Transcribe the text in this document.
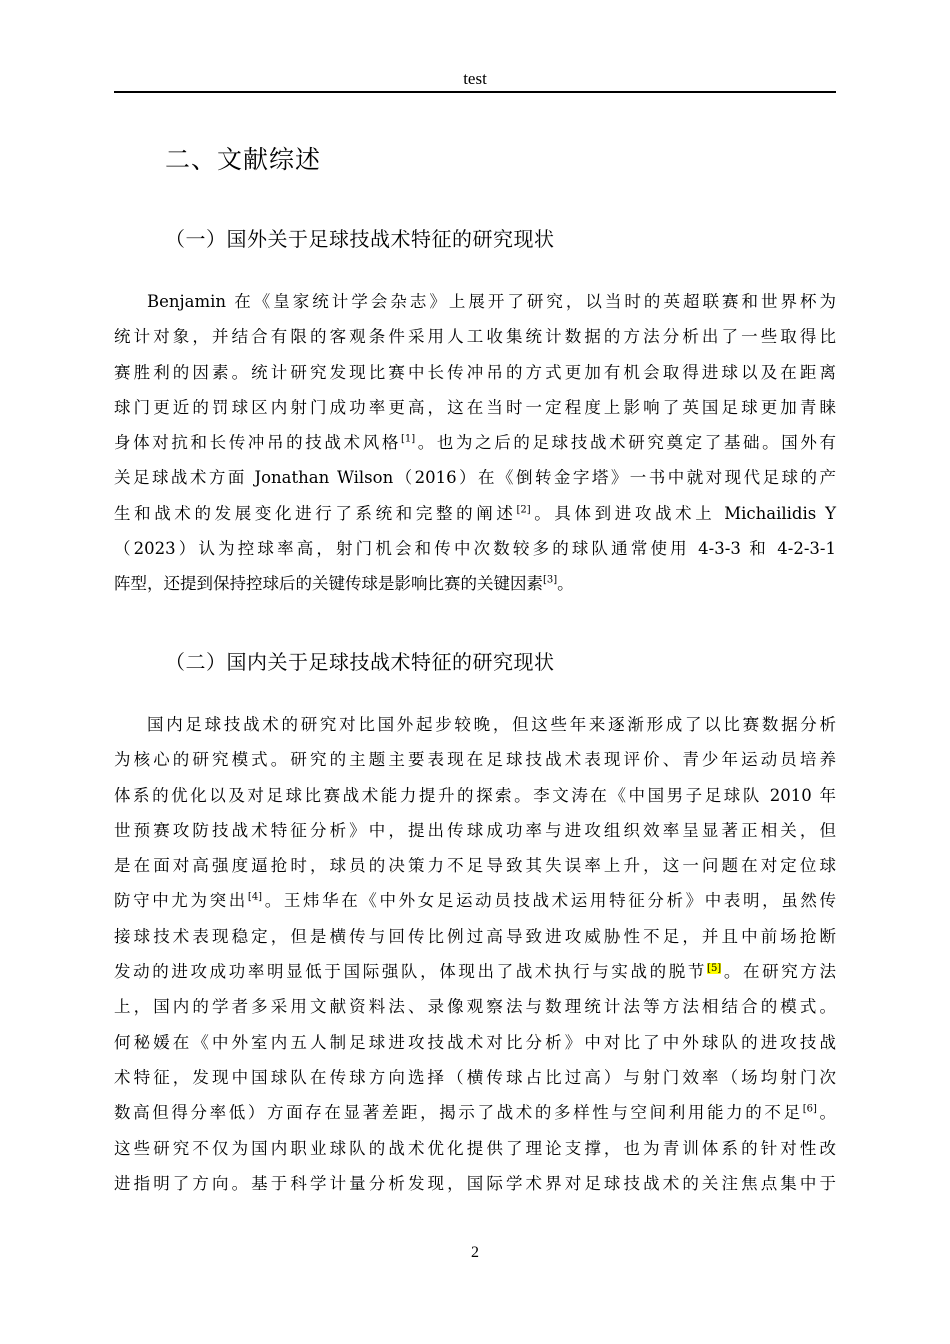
test
二、文献综述
（一）国外关于足球技战术特征的研究现状
Benjamin 在《皇家统计学会杂志》上展开了研究，以当时的英超联赛和世界杯为
统计对象，并结合有限的客观条件采用人工收集统计数据的方法分析出了一些取得比
赛胜利的因素。统计研究发现比赛中长传冲吊的方式更加有机会取得进球以及在距离
球门更近的罚球区内射门成功率更高，这在当时一定程度上影响了英国足球更加青睐
身体对抗和长传冲吊的技战术风格[1]。也为之后的足球技战术研究奠定了基础。国外有
关足球战术方面 Jonathan Wilson（2016）在《倒转金字塔》一书中就对现代足球的产
生和战术的发展变化进行了系统和完整的阐述[2]。具体到进攻战术上 Michailidis Y
（2023）认为控球率高，射门机会和传中次数较多的球队通常使用 4-3-3 和 4-2-3-1
阵型，还提到保持控球后的关键传球是影响比赛的关键因素[3]。
（二）国内关于足球技战术特征的研究现状
国内足球技战术的研究对比国外起步较晚，但这些年来逐渐形成了以比赛数据分析
为核心的研究模式。研究的主题主要表现在足球技战术表现评价、青少年运动员培养
体系的优化以及对足球比赛战术能力提升的探索。李文涛在《中国男子足球队 2010 年
世预赛攻防技战术特征分析》中，提出传球成功率与进攻组织效率呈显著正相关，但
是在面对高强度逼抢时，球员的决策力不足导致其失误率上升，这一问题在对定位球
防守中尤为突出[4]。王炜华在《中外女足运动员技战术运用特征分析》中表明，虽然传
接球技术表现稳定，但是横传与回传比例过高导致进攻威胁性不足，并且中前场抢断
发动的进攻成功率明显低于国际强队，体现出了战术执行与实战的脱节[5]。在研究方法
上，国内的学者多采用文献资料法、录像观察法与数理统计法等方法相结合的模式。
何秘媛在《中外室内五人制足球进攻技战术对比分析》中对比了中外球队的进攻技战
术特征，发现中国球队在传球方向选择（横传球占比过高）与射门效率（场均射门次
数高但得分率低）方面存在显著差距，揭示了战术的多样性与空间利用能力的不足[6]。
这些研究不仅为国内职业球队的战术优化提供了理论支撑，也为青训体系的针对性改
进指明了方向。基于科学计量分析发现，国际学术界对足球技战术的关注焦点集中于
2
